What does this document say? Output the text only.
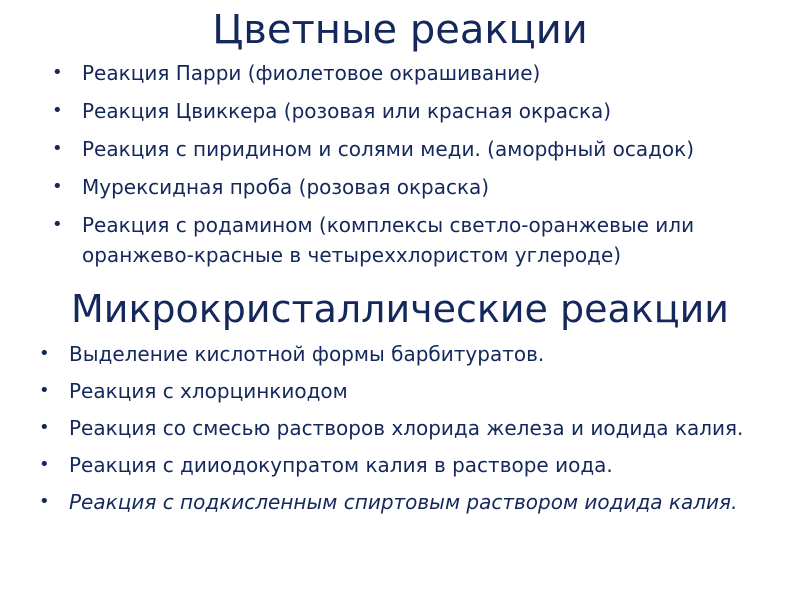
Цветные реакции
• Реакция Парри (фиолетовое окрашивание)
• Реакция Цвиккера (розовая или красная окраска)
• Реакция с пиридином и солями меди. (аморфный осадок)
• Мурексидная проба (розовая окраска)
• Реакция с родамином (комплексы светло-оранжевые или оранжево-красные в четыреххлористом углероде)
Микрокристаллические реакции
• Выделение кислотной формы барбитуратов.
• Реакция с хлорцинкиодом
• Реакция со смесью растворов хлорида железа и иодида калия.
• Реакция с дииодокупратом калия в растворе иода.
• Реакция с подкисленным спиртовым раствором иодида калия.
